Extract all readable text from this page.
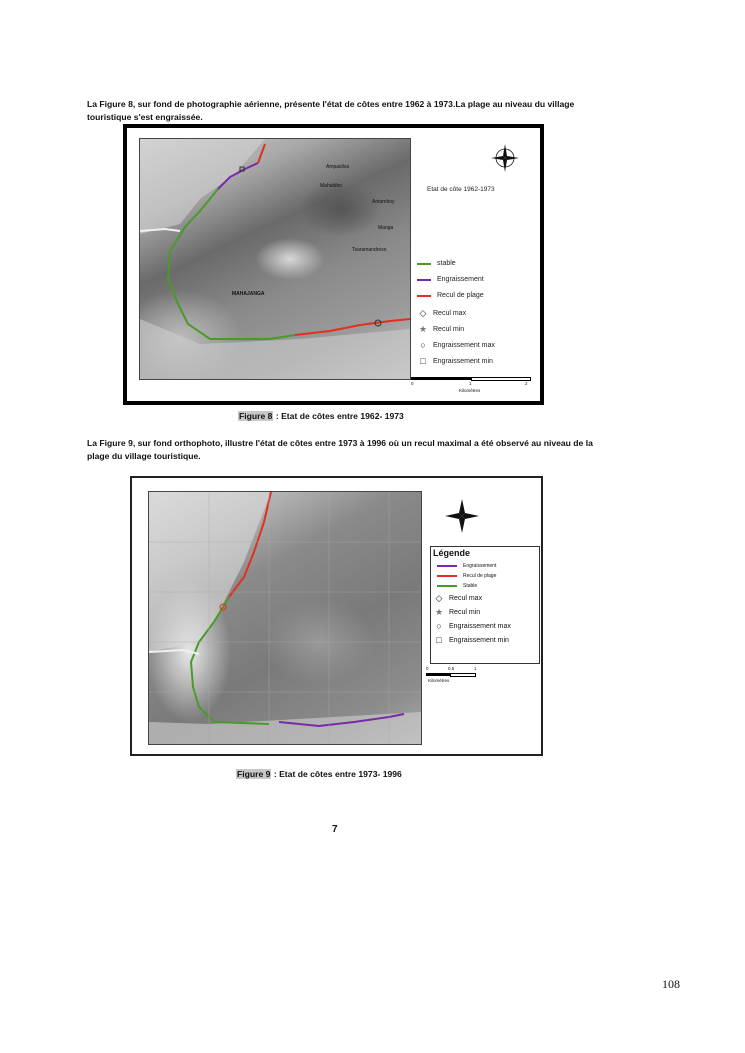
La Figure 8, sur fond de photographie aérienne, présente l'état de côtes entre 1962 à 1973.La plage au niveau du village touristique s'est engraissée.

Ampasilva
Mahabibo
Antamboy
Manga
Tsaramandroso
MAHAJANGA
Etat de côte 1962-1973
stable
Engraissement
Recul de plage
◇ Recul max
★ Recul min
○	Engraissement max
□	Engraissement min
0	1	2
Kilomètres
Figure 8 : Etat de côtes entre 1962- 1973

La Figure 9, sur fond orthophoto, illustre l'état de côtes entre 1973 à 1996 où un recul maximal a été observé au niveau de la plage du village touristique.

Légende
Engraissement
Recul de plage
Stable
◇ Recul max
★ Recul min
○	Engraissement max
□	Engraissement min
0	0.5	1
Kilomètres
Figure 9 : Etat de côtes entre 1973- 1996
7
108
